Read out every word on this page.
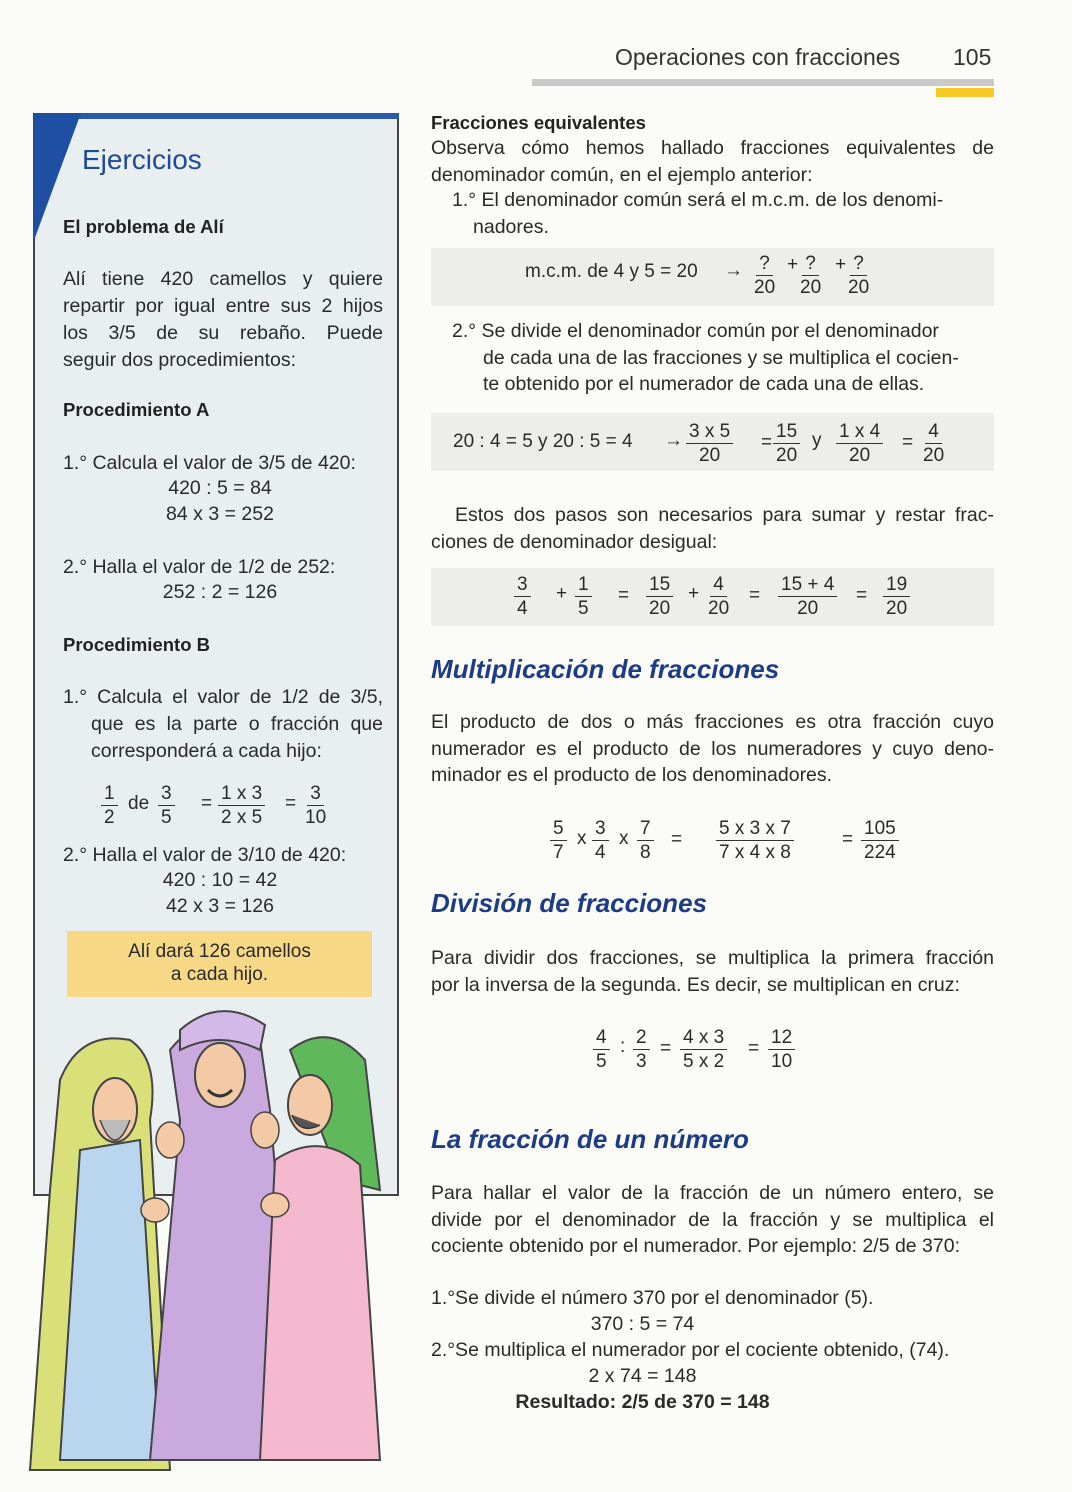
Operaciones con fracciones 105
Ejercicios
El problema de Alí
Alí tiene 420 camellos y quiere
repartir por igual entre sus 2 hijos
los 3/5 de su rebaño. Puede
seguir dos procedimientos:
Procedimiento A
1.° Calcula el valor de 3/5 de 420:
420 : 5 = 84
84 x 3 = 252
2.° Halla el valor de 1/2 de 252:
252 : 2 = 126
Procedimiento B
1.° Calcula el valor de 1/2 de 3/5,
que es la parte o fracción que
corresponderá a cada hijo:
$\frac{1}{2}$ de $\frac{3}{5} = \frac{1 x 3}{2 x 5} = \frac{3}{10}$
2.° Halla el valor de 3/10 de 420:
420 : 10 = 42
42 x 3 = 126
Alí dará 126 camellos
a cada hijo.
Fracciones equivalentes
Observa cómo hemos hallado fracciones equivalentes de
denominador común, en el ejemplo anterior:
1.° El denominador común será el m.c.m. de los denomi-
nadores.
m.c.m. de 4 y 5 = 20 → ?
20
+ ?
20
+ ?
20
2.° Se divide el denominador común por el denominador
de cada una de las fracciones y se multiplica el cocien-
te obtenido por el numerador de cada una de ellas.
20 : 4 = 5 y 20 : $5 = 4 \to \frac{3 x 5}{20} = \frac{15}{20}$ y $\frac{1 x 4}{20} = \frac{4}{20}$
Estos dos pasos son necesarios para sumar y restar frac-
ciones de denominador desigual:
$\frac{3}{4} + \frac{1}{5} = \frac{15}{20} + \frac{4}{20} = \frac{15 + 4}{20} = \frac{19}{20}$
Multiplicación de fracciones
El producto de dos o más fracciones es otra fracción cuyo
numerador es el producto de los numeradores y cuyo deno-
minador es el producto de los denominadores.
$\frac{5}{7}$ x $\frac{3}{4}$ x $\frac{7}{8} = \frac{5 x 3 x 7}{7 x 4 x 8}$	= $\frac{105}{224}$
División de fracciones
Para dividir dos fracciones, se multiplica la primera fracción
por la inversa de la segunda. Es decir, se multiplican en cruz:
$\frac{4}{5}$ : $\frac{2}{3} = \frac{4 x 3}{5 x 2} = \frac{12}{10}$
La fracción de un número
Para hallar el valor de la fracción de un número entero, se
divide por el denominador de la fracción y se multiplica el
cociente obtenido por el numerador. Por ejemplo: 2/5 de 370:
1.°Se divide el número 370 por el denominador (5).
370 : 5 = 74
2.°Se multiplica el numerador por el cociente obtenido, (74).
2 x 74 = 148
Resultado: 2/5 de 370 = 148
